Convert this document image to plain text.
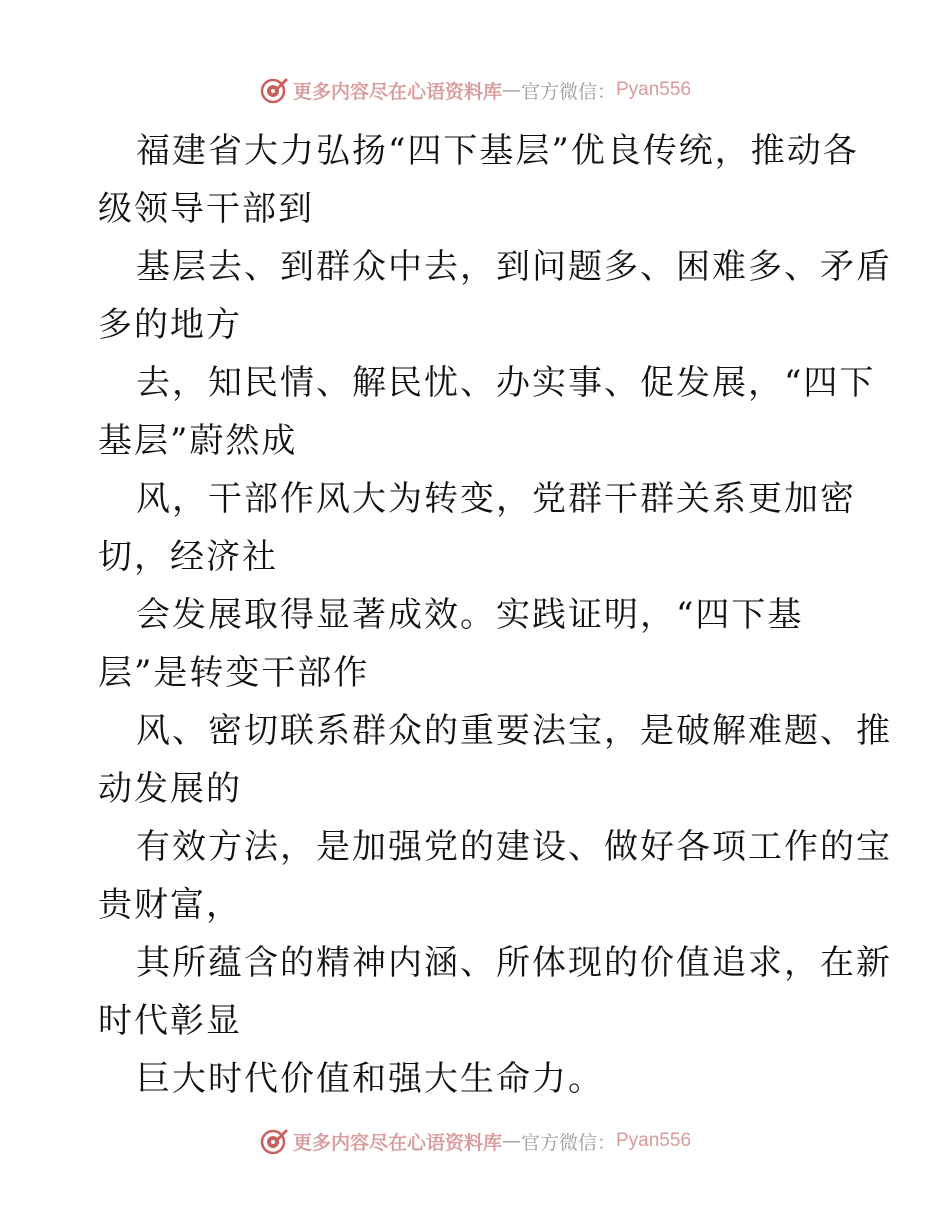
更多内容尽在心语资料库 — 官方微信： Pyan556
福建省大力弘扬“四下基层”优良传统，推动各
级领导干部到
基层去、到群众中去，到问题多、困难多、矛盾
多的地方
去，知民情、解民忧、办实事、促发展，“四下
基层”蔚然成
风，干部作风大为转变，党群干群关系更加密
切，经济社
会发展取得显著成效。实践证明，“四下基
层”是转变干部作
风、密切联系群众的重要法宝，是破解难题、推
动发展的
有效方法，是加强党的建设、做好各项工作的宝
贵财富，
其所蕴含的精神内涵、所体现的价值追求，在新
时代彰显
巨大时代价值和强大生命力。
更多内容尽在心语资料库 — 官方微信： Pyan556
